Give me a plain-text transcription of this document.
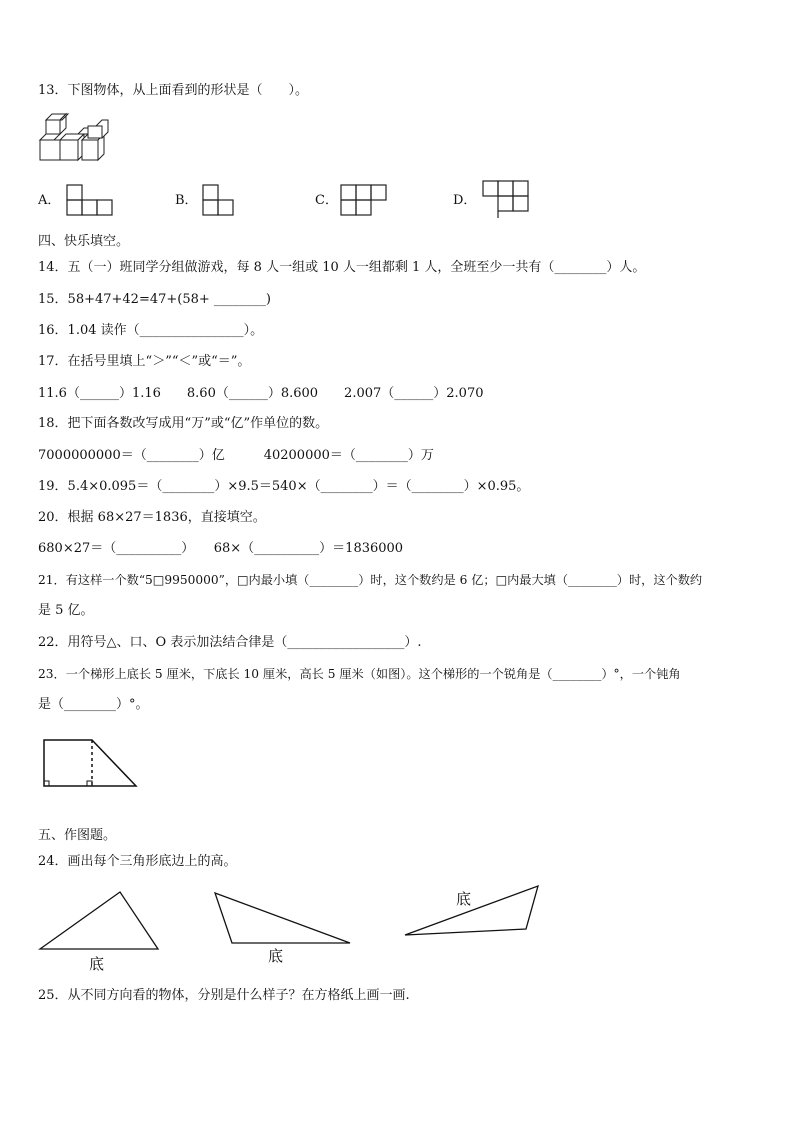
13．下图物体，从上面看到的形状是（　　）。
A．	B．	C．	D．
四、快乐填空。
14．五（一）班同学分组做游戏，每 8 人一组或 10 人一组都剩 1 人，全班至少一共有（________）人。
15．58+47+42=47+(58+ ________)
16．1.04 读作（________________）。
17．在括号里填上“＞”“＜”或“＝”。
11.6（______）1.16　　8.60（______）8.600　　2.007（______）2.070
18．把下面各数改写成用“万”或“亿”作单位的数。
7000000000＝（________）亿　　　40200000＝（________）万
19．5.4×0.095＝（________）×9.5＝540×（________）＝（________）×0.95。
20．根据 68×27＝1836，直接填空。
680×27＝（__________）　　68×（__________）＝1836000
21．有这样一个数“5□9950000”，□内最小填（________）时，这个数约是 6 亿；□内最大填（________）时，这个数约
是 5 亿。
22．用符号△、口、O 表示加法结合律是（__________________）.
23．一个梯形上底长 5 厘米，下底长 10 厘米，高长 5 厘米（如图）。这个梯形的一个锐角是（________）°，一个钝角
是（________）°。
五、作图题。
24．画出每个三角形底边上的高。
底	底
底
25．从不同方向看的物体，分别是什么样子？在方格纸上画一画.
